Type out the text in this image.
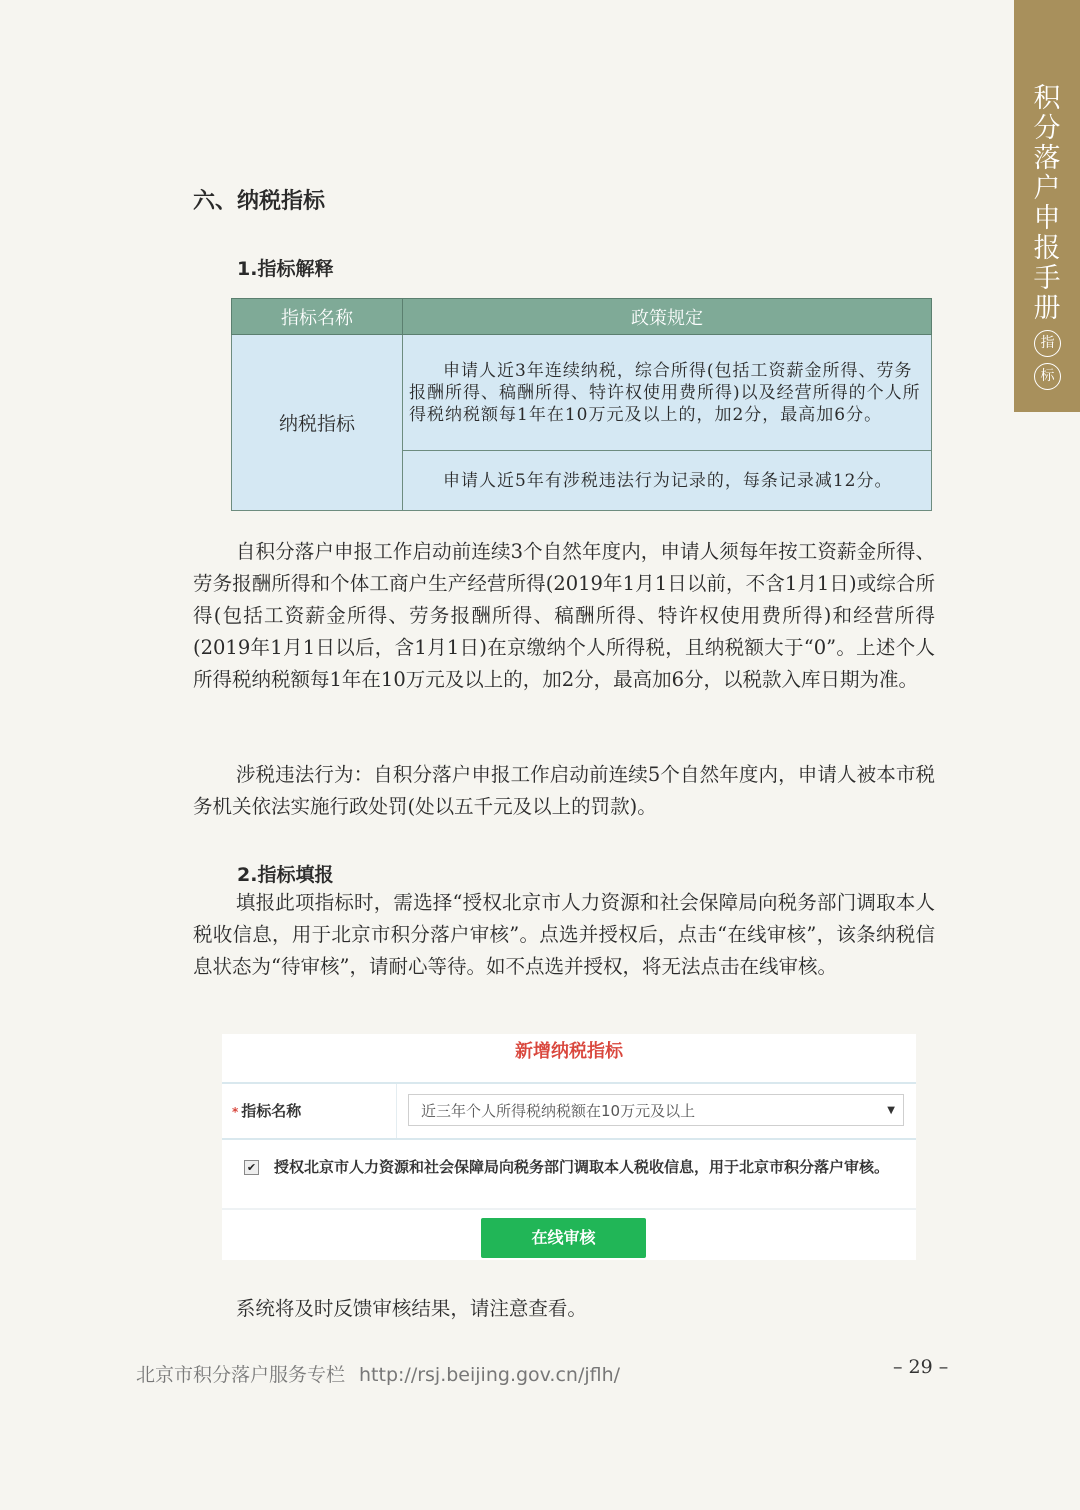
积
分
落
户
申
报
手
册
指
标
六、纳税指标
1.指标解释
指标名称	政策规定
纳税指标	申请人近3年连续纳税，综合所得(包括工资薪金所得、劳务报酬所得、稿酬所得、特许权使用费所得)以及经营所得的个人所得税纳税额每1年在10万元及以上的，加2分，最高加6分。
	申请人近5年有涉税违法行为记录的，每条记录减12分。
自积分落户申报工作启动前连续3个自然年度内，申请人须每年按工资薪金所得、劳务报酬所得和个体工商户生产经营所得(2019年1月1日以前，不含1月1日)或综合所得(包括工资薪金所得、劳务报酬所得、稿酬所得、特许权使用费所得)和经营所得(2019年1月1日以后，含1月1日)在京缴纳个人所得税，且纳税额大于“0”。上述个人所得税纳税额每1年在10万元及以上的，加2分，最高加6分，以税款入库日期为准。
涉税违法行为：自积分落户申报工作启动前连续5个自然年度内，申请人被本市税务机关依法实施行政处罚(处以五千元及以上的罚款)。
2.指标填报
填报此项指标时，需选择“授权北京市人力资源和社会保障局向税务部门调取本人税收信息，用于北京市积分落户审核”。点选并授权后，点击“在线审核”，该条纳税信息状态为“待审核”，请耐心等待。如不点选并授权，将无法点击在线审核。
新增纳税指标
* 指标名称	近三年个人所得税纳税额在10万元及以上	▼
授权北京市人力资源和社会保障局向税务部门调取本人税收信息，用于北京市积分落户审核。
✔
在线审核
系统将及时反馈审核结果，请注意查看。
北京市积分落户服务专栏 http://rsj.beijing.gov.cn/jflh/	– 29 –
